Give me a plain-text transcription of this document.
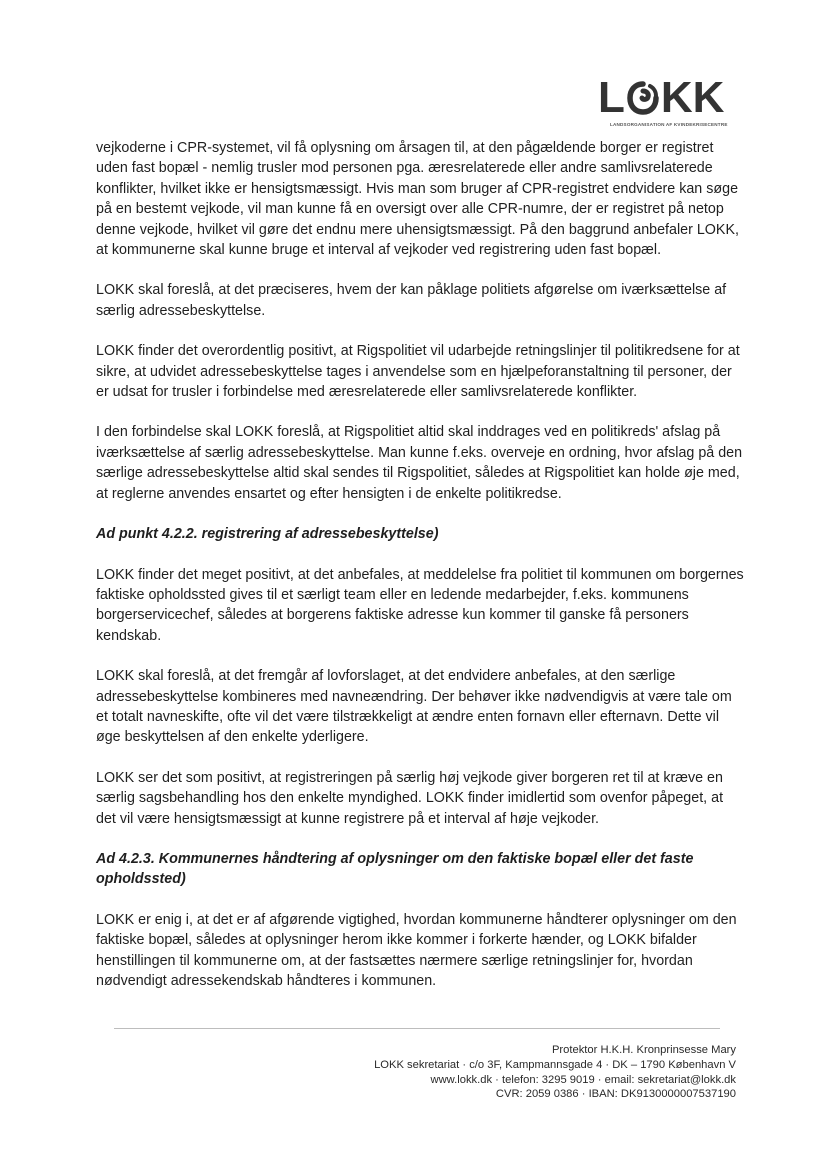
L K K
LANDSORGANISATION AF KVINDEKRISECENTRE

vejkoderne i CPR-systemet, vil få oplysning om årsagen til, at den pågældende borger er registret uden fast bopæl - nemlig trusler mod personen pga. æresrelaterede eller andre samlivsrelaterede konflikter, hvilket ikke er hensigtsmæssigt. Hvis man som bruger af CPR-registret endvidere kan søge på en bestemt vejkode, vil man kunne få en oversigt over alle CPR-numre, der er registret på netop denne vejkode, hvilket vil gøre det endnu mere uhensigtsmæssigt. På den baggrund anbefaler LOKK, at kommunerne skal kunne bruge et interval af vejkoder ved registrering uden fast bopæl.

LOKK skal foreslå, at det præciseres, hvem der kan påklage politiets afgørelse om iværksættelse af særlig adressebeskyttelse.

LOKK finder det overordentlig positivt, at Rigspolitiet vil udarbejde retningslinjer til politikredsene for at sikre, at udvidet adressebeskyttelse tages i anvendelse som en hjælpeforanstaltning til personer, der er udsat for trusler i forbindelse med æresrelaterede eller samlivsrelaterede konflikter.

I den forbindelse skal LOKK foreslå, at Rigspolitiet altid skal inddrages ved en politikreds' afslag på iværksættelse af særlig adressebeskyttelse. Man kunne f.eks. overveje en ordning, hvor afslag på den særlige adressebeskyttelse altid skal sendes til Rigspolitiet, således at Rigspolitiet kan holde øje med, at reglerne anvendes ensartet og efter hensigten i de enkelte politikredse.

Ad punkt 4.2.2. registrering af adressebeskyttelse)

LOKK finder det meget positivt, at det anbefales, at meddelelse fra politiet til kommunen om borgernes faktiske opholdssted gives til et særligt team eller en ledende medarbejder, f.eks. kommunens borgerservicechef, således at borgerens faktiske adresse kun kommer til ganske få personers kendskab.

LOKK skal foreslå, at det fremgår af lovforslaget, at det endvidere anbefales, at den særlige adressebeskyttelse kombineres med navneændring. Der behøver ikke nødvendigvis at være tale om et totalt navneskifte, ofte vil det være tilstrækkeligt at ændre enten fornavn eller efternavn. Dette vil øge beskyttelsen af den enkelte yderligere.

LOKK ser det som positivt, at registreringen på særlig høj vejkode giver borgeren ret til at kræve en særlig sagsbehandling hos den enkelte myndighed. LOKK finder imidlertid som ovenfor påpeget, at det vil være hensigtsmæssigt at kunne registrere på et interval af høje vejkoder.

Ad 4.2.3. Kommunernes håndtering af oplysninger om den faktiske bopæl eller det faste opholdssted)

LOKK er enig i, at det er af afgørende vigtighed, hvordan kommunerne håndterer oplysninger om den faktiske bopæl, således at oplysninger herom ikke kommer i forkerte hænder, og LOKK bifalder henstillingen til kommunerne om, at der fastsættes nærmere særlige retningslinjer for, hvordan nødvendigt adressekendskab håndteres i kommunen.

Protektor H.K.H. Kronprinsesse Mary
LOKK sekretariat · c/o 3F, Kampmannsgade 4 · DK – 1790 København V
www.lokk.dk · telefon: 3295 9019 · email: sekretariat@lokk.dk
CVR: 2059 0386 · IBAN: DK9130000007537190
